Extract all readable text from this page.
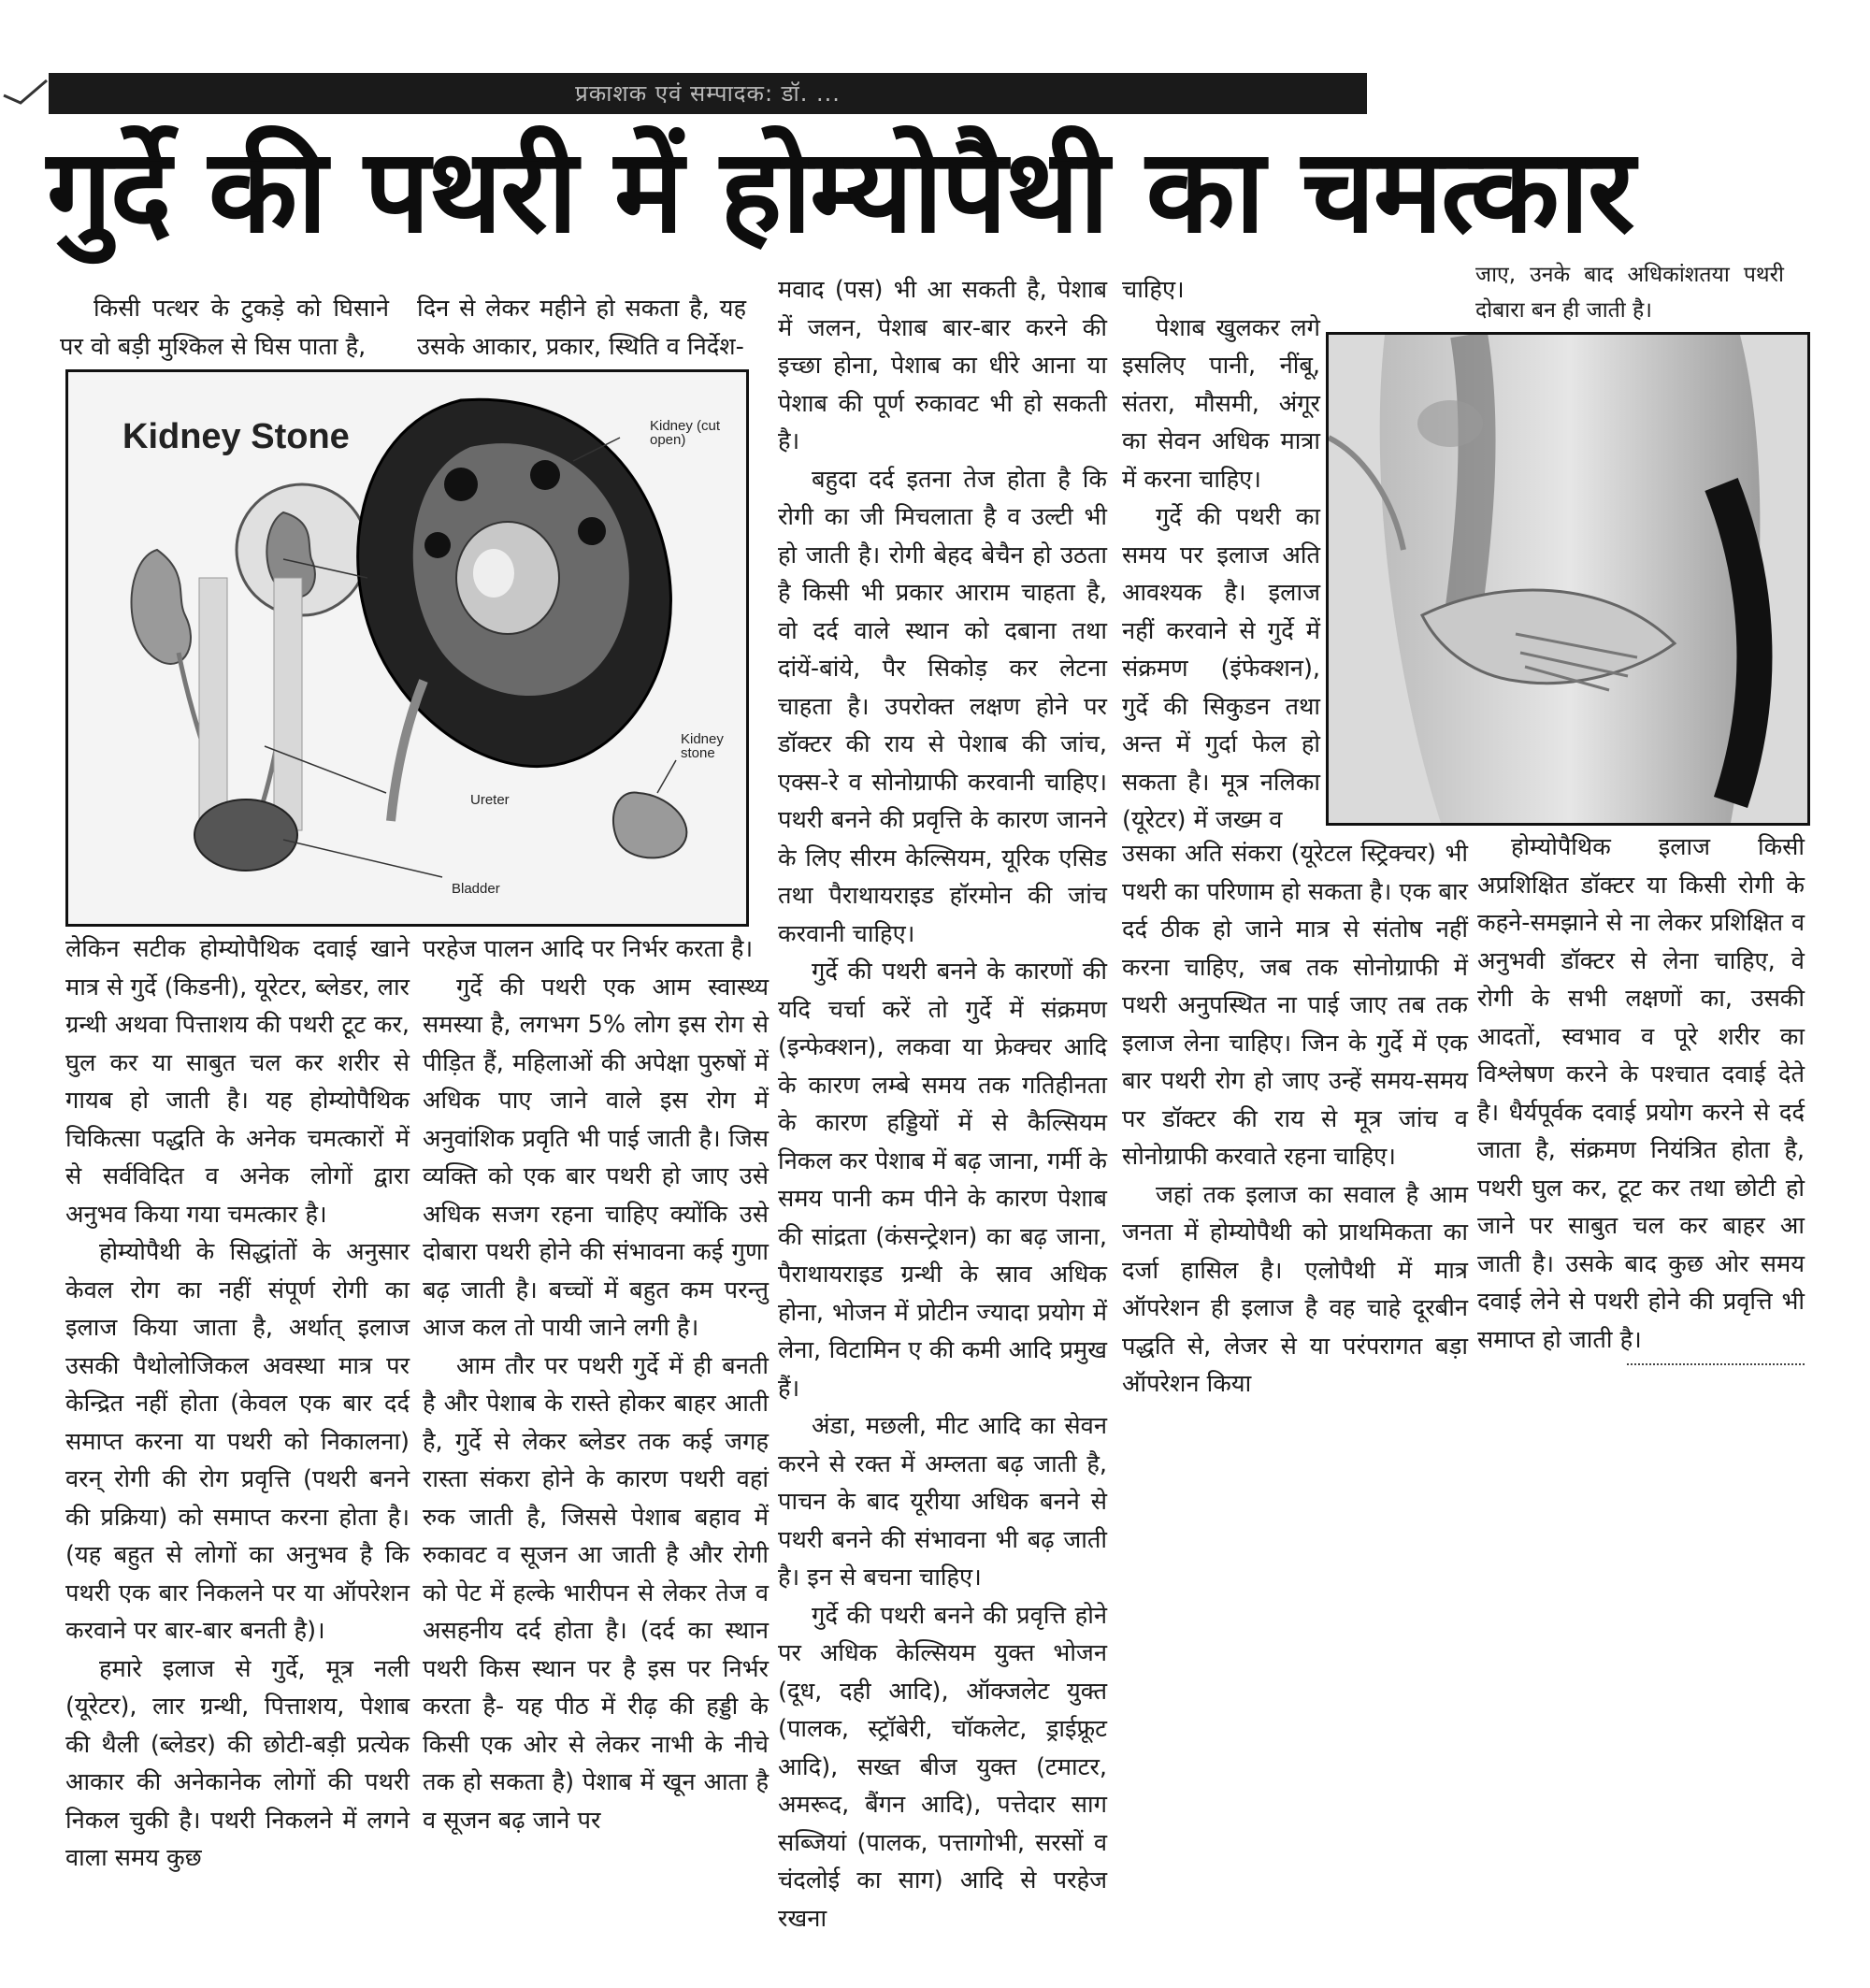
प्रकाशक एवं सम्पादक: डॉ. ...
गुर्दे की पथरी में होम्योपैथी का चमत्कार

किसी पत्थर के टुकड़े को घिसाने पर वो बड़ी मुश्किल से घिस पाता है,

दिन से लेकर महीने हो सकता है, यह उसके आकार, प्रकार, स्थिति व निर्देश-

Kidney Stone	Kidney (cut open)
Kidney stone
Ureter
Bladder

लेकिन सटीक होम्योपैथिक दवाई खाने मात्र से गुर्दे (किडनी), यूरेटर, ब्लेडर, लार ग्रन्थी अथवा पित्ताशय की पथरी टूट कर, घुल कर या साबुत चल कर शरीर से गायब हो जाती है। यह होम्योपैथिक चिकित्सा पद्धति के अनेक चमत्कारों में से सर्वविदित व अनेक लोगों द्वारा अनुभव किया गया चमत्कार है।

होम्योपैथी के सिद्धांतों के अनुसार केवल रोग का नहीं संपूर्ण रोगी का इलाज किया जाता है, अर्थात् इलाज उसकी पैथोलोजिकल अवस्था मात्र पर केन्द्रित नहीं होता (केवल एक बार दर्द समाप्त करना या पथरी को निकालना) वरन् रोगी की रोग प्रवृत्ति (पथरी बनने की प्रक्रिया) को समाप्त करना होता है। (यह बहुत से लोगों का अनुभव है कि पथरी एक बार निकलने पर या ऑपरेशन करवाने पर बार-बार बनती है)।

हमारे इलाज से गुर्दे, मूत्र नली (यूरेटर), लार ग्रन्थी, पित्ताशय, पेशाब की थैली (ब्लेडर) की छोटी-बड़ी प्रत्येक आकार की अनेकानेक लोगों की पथरी निकल चुकी है। पथरी निकलने में लगने वाला समय कुछ

परहेज पालन आदि पर निर्भर करता है।

गुर्दे की पथरी एक आम स्वास्थ्य समस्या है, लगभग 5% लोग इस रोग से पीड़ित हैं, महिलाओं की अपेक्षा पुरुषों में अधिक पाए जाने वाले इस रोग में अनुवांशिक प्रवृति भी पाई जाती है। जिस व्यक्ति को एक बार पथरी हो जाए उसे अधिक सजग रहना चाहिए क्योंकि उसे दोबारा पथरी होने की संभावना कई गुणा बढ़ जाती है। बच्चों में बहुत कम परन्तु आज कल तो पायी जाने लगी है।

आम तौर पर पथरी गुर्दे में ही बनती है और पेशाब के रास्ते होकर बाहर आती है, गुर्दे से लेकर ब्लेडर तक कई जगह रास्ता संकरा होने के कारण पथरी वहां रुक जाती है, जिससे पेशाब बहाव में रुकावट व सूजन आ जाती है और रोगी को पेट में हल्के भारीपन से लेकर तेज व असहनीय दर्द होता है। (दर्द का स्थान पथरी किस स्थान पर है इस पर निर्भर करता है- यह पीठ में रीढ़ की हड्डी के किसी एक ओर से लेकर नाभी के नीचे तक हो सकता है) पेशाब में खून आता है व सूजन बढ़ जाने पर

मवाद (पस) भी आ सकती है, पेशाब में जलन, पेशाब बार-बार करने की इच्छा होना, पेशाब का धीरे आना या पेशाब की पूर्ण रुकावट भी हो सकती है।

बहुदा दर्द इतना तेज होता है कि रोगी का जी मिचलाता है व उल्टी भी हो जाती है। रोगी बेहद बेचैन हो उठता है किसी भी प्रकार आराम चाहता है, वो दर्द वाले स्थान को दबाना तथा दांयें-बांये, पैर सिकोड़ कर लेटना चाहता है। उपरोक्त लक्षण होने पर डॉक्टर की राय से पेशाब की जांच, एक्स-रे व सोनोग्राफी करवानी चाहिए। पथरी बनने की प्रवृत्ति के कारण जानने के लिए सीरम केल्सियम, यूरिक एसिड तथा पैराथायराइड हॉरमोन की जांच करवानी चाहिए।

गुर्दे की पथरी बनने के कारणों की यदि चर्चा करें तो गुर्दे में संक्रमण (इन्फेक्शन), लकवा या फ्रेक्चर आदि के कारण लम्बे समय तक गतिहीनता के कारण हड्डियों में से कैल्सियम निकल कर पेशाब में बढ़ जाना, गर्मी के समय पानी कम पीने के कारण पेशाब की सांद्रता (कंसन्ट्रेशन) का बढ़ जाना, पैराथायराइड ग्रन्थी के स्राव अधिक होना, भोजन में प्रोटीन ज्यादा प्रयोग में लेना, विटामिन ए की कमी आदि प्रमुख हैं।

अंडा, मछली, मीट आदि का सेवन करने से रक्त में अम्लता बढ़ जाती है, पाचन के बाद यूरीया अधिक बनने से पथरी बनने की संभावना भी बढ़ जाती है। इन से बचना चाहिए।

गुर्दे की पथरी बनने की प्रवृत्ति होने पर अधिक केल्सियम युक्त भोजन (दूध, दही आदि), ऑक्जलेट युक्त (पालक, स्ट्रॉबेरी, चॉकलेट, ड्राईफ्रूट आदि), सख्त बीज युक्त (टमाटर, अमरूद, बैंगन आदि), पत्तेदार साग सब्जियां (पालक, पत्तागोभी, सरसों व चंदलोई का साग) आदि से परहेज रखना

चाहिए।

पेशाब खुलकर लगे इसलिए पानी, नींबू, संतरा, मौसमी, अंगूर का सेवन अधिक मात्रा में करना चाहिए।

गुर्दे की पथरी का समय पर इलाज अति आवश्यक है। इलाज नहीं करवाने से गुर्दे में संक्रमण (इंफेक्शन), गुर्दे की सिकुडन तथा अन्त में गुर्दा फेल हो सकता है। मूत्र नलिका (यूरेटर) में जख्म व

उसका अति संकरा (यूरेटल स्ट्रिक्चर) भी पथरी का परिणाम हो सकता है। एक बार दर्द ठीक हो जाने मात्र से संतोष नहीं करना चाहिए, जब तक सोनोग्राफी में पथरी अनुपस्थित ना पाई जाए तब तक इलाज लेना चाहिए। जिन के गुर्दे में एक बार पथरी रोग हो जाए उन्हें समय-समय पर डॉक्टर की राय से मूत्र जांच व सोनोग्राफी करवाते रहना चाहिए।

जहां तक इलाज का सवाल है आम जनता में होम्योपैथी को प्राथमिकता का दर्जा हासिल है। एलोपैथी में मात्र ऑपरेशन ही इलाज है वह चाहे दूरबीन पद्धति से, लेजर से या परंपरागत बड़ा ऑपरेशन किया

जाए, उनके बाद अधिकांशतया पथरी दोबारा बन ही जाती है।

होम्योपैथिक इलाज किसी अप्रशिक्षित डॉक्टर या किसी रोगी के कहने-समझाने से ना लेकर प्रशिक्षित व अनुभवी डॉक्टर से लेना चाहिए, वे रोगी के सभी लक्षणों का, उसकी आदतों, स्वभाव व पूरे शरीर का विश्लेषण करने के पश्चात दवाई देते है। धैर्यपूर्वक दवाई प्रयोग करने से दर्द जाता है, संक्रमण नियंत्रित होता है, पथरी घुल कर, टूट कर तथा छोटी हो जाने पर साबुत चल कर बाहर आ जाती है। उसके बाद कुछ ओर समय दवाई लेने से पथरी होने की प्रवृत्ति भी समाप्त हो जाती है।
